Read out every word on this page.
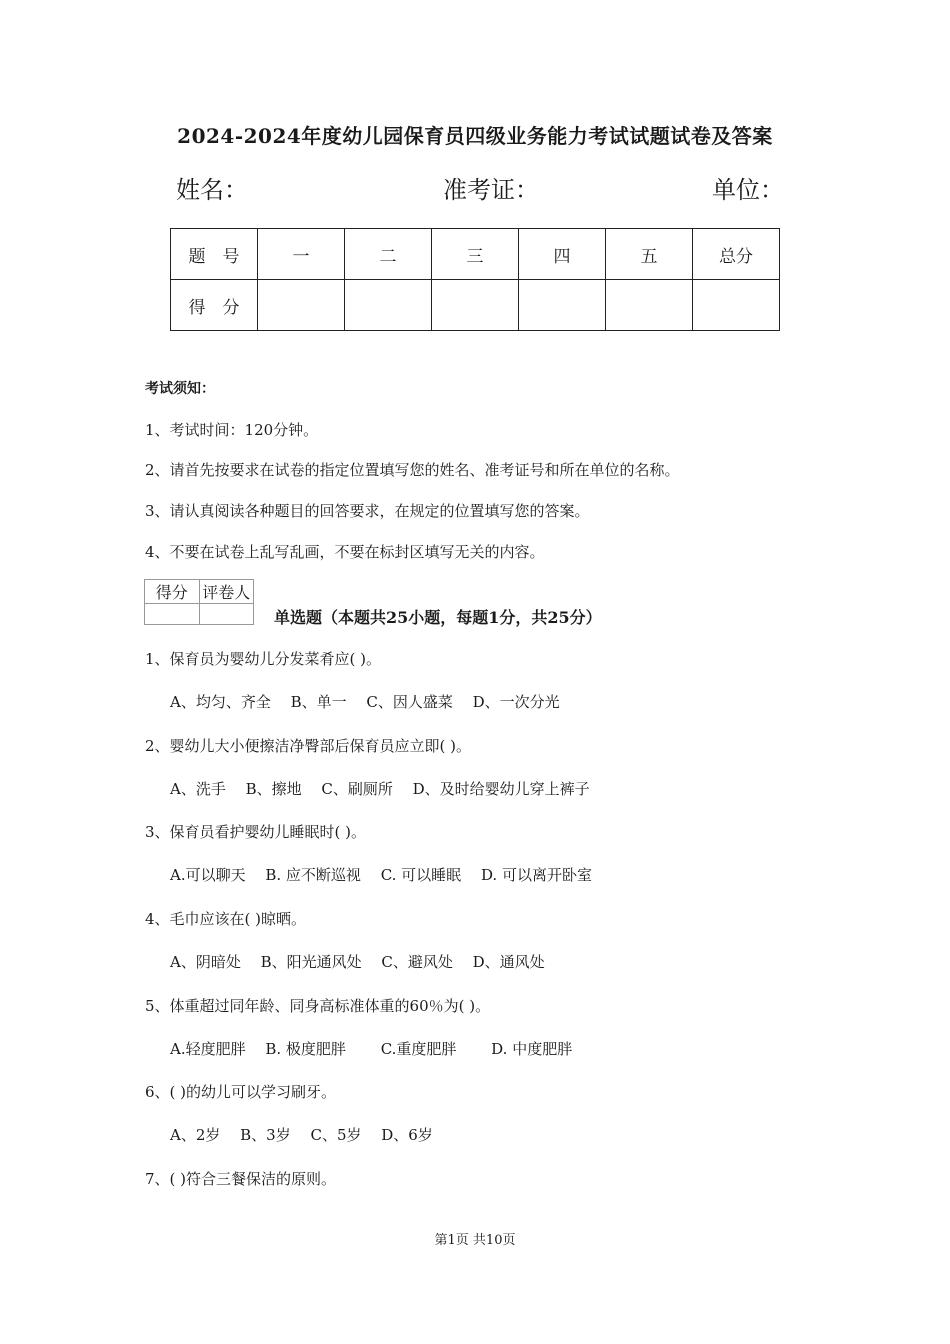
2024-2024年度幼儿园保育员四级业务能力考试试题试卷及答案
姓名：	准考证：	单位：
题　号	一	二	三	四	五	总分
得　分						
考试须知：
1、考试时间：120分钟。
2、请首先按要求在试卷的指定位置填写您的姓名、准考证号和所在单位的名称。
3、请认真阅读各种题目的回答要求，在规定的位置填写您的答案。
4、不要在试卷上乱写乱画，不要在标封区填写无关的内容。
得分	评卷人

单选题（本题共25小题，每题1分，共25分）
1、保育员为婴幼儿分发菜肴应( )。
A、均匀、齐全　 B、单一　 C、因人盛菜　 D、一次分光
2、婴幼儿大小便擦洁净臀部后保育员应立即( )。
A、洗手　 B、擦地　 C、刷厕所　 D、及时给婴幼儿穿上裤子
3、保育员看护婴幼儿睡眠时( )。
A.可以聊天　 B. 应不断巡视　 C. 可以睡眠　 D. 可以离开卧室
4、毛巾应该在( )晾晒。
A、阴暗处　 B、阳光通风处　 C、避风处　 D、通风处
5、体重超过同年龄、同身高标准体重的60％为( )。
A.轻度肥胖　 B. 极度肥胖　　 C.重度肥胖　　 D. 中度肥胖
6、( )的幼儿可以学习刷牙。
A、2岁　 B、3岁　 C、5岁　 D、6岁
7、( )符合三餐保洁的原则。
第1页 共10页
